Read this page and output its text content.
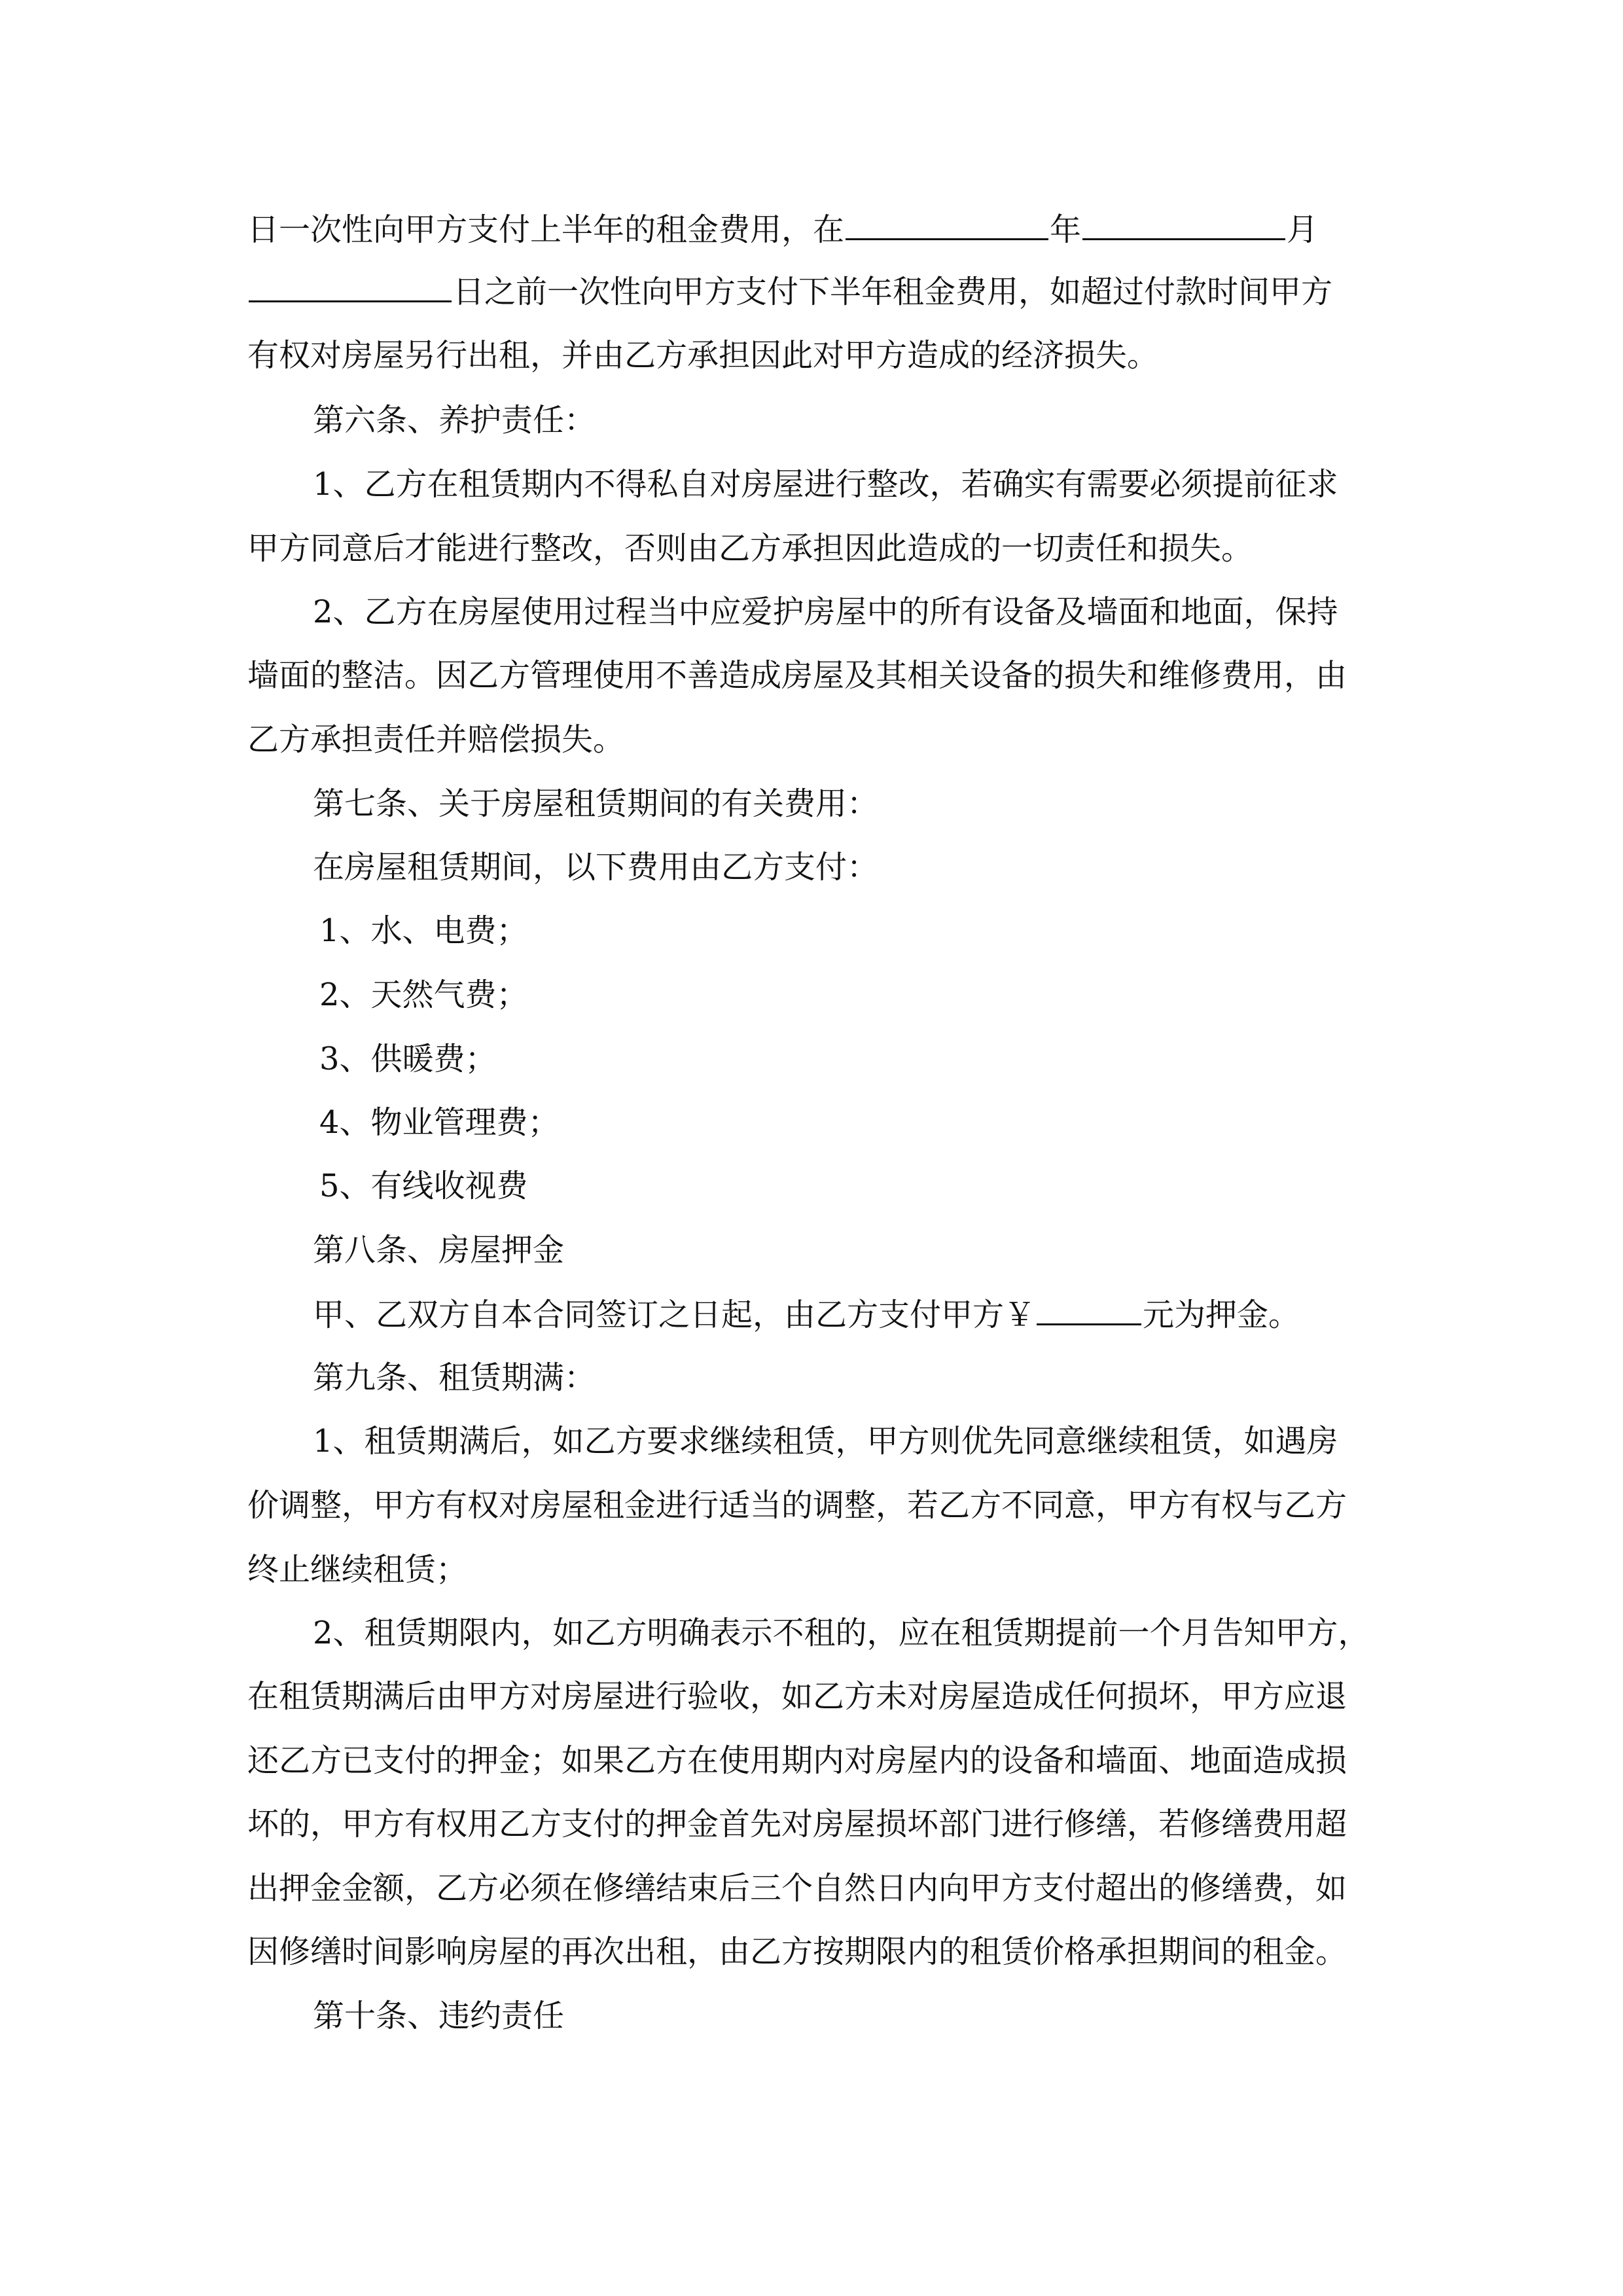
日一次性向甲方支付上半年的租金费用，在	年	月
日之前一次性向甲方支付下半年租金费用，如超过付款时间甲方
有权对房屋另行出租，并由乙方承担因此对甲方造成的经济损失。
第六条、养护责任：
1、乙方在租赁期内不得私自对房屋进行整改，若确实有需要必须提前征求
甲方同意后才能进行整改，否则由乙方承担因此造成的一切责任和损失。
2、乙方在房屋使用过程当中应爱护房屋中的所有设备及墙面和地面，保持
墙面的整洁。因乙方管理使用不善造成房屋及其相关设备的损失和维修费用，由
乙方承担责任并赔偿损失。
第七条、关于房屋租赁期间的有关费用：
在房屋租赁期间，以下费用由乙方支付：
1、水、电费；
2、天然气费；
3、供暖费；
4、物业管理费；
5、有线收视费
第八条、房屋押金
甲、乙双方自本合同签订之日起，由乙方支付甲方￥	元为押金。
第九条、租赁期满：
1、租赁期满后，如乙方要求继续租赁，甲方则优先同意继续租赁，如遇房
价调整，甲方有权对房屋租金进行适当的调整，若乙方不同意，甲方有权与乙方
终止继续租赁；
2、租赁期限内，如乙方明确表示不租的，应在租赁期提前一个月告知甲方，
在租赁期满后由甲方对房屋进行验收，如乙方未对房屋造成任何损坏，甲方应退
还乙方已支付的押金；如果乙方在使用期内对房屋内的设备和墙面、地面造成损
坏的，甲方有权用乙方支付的押金首先对房屋损坏部门进行修缮，若修缮费用超
出押金金额，乙方必须在修缮结束后三个自然日内向甲方支付超出的修缮费，如
因修缮时间影响房屋的再次出租，由乙方按期限内的租赁价格承担期间的租金。
第十条、违约责任
